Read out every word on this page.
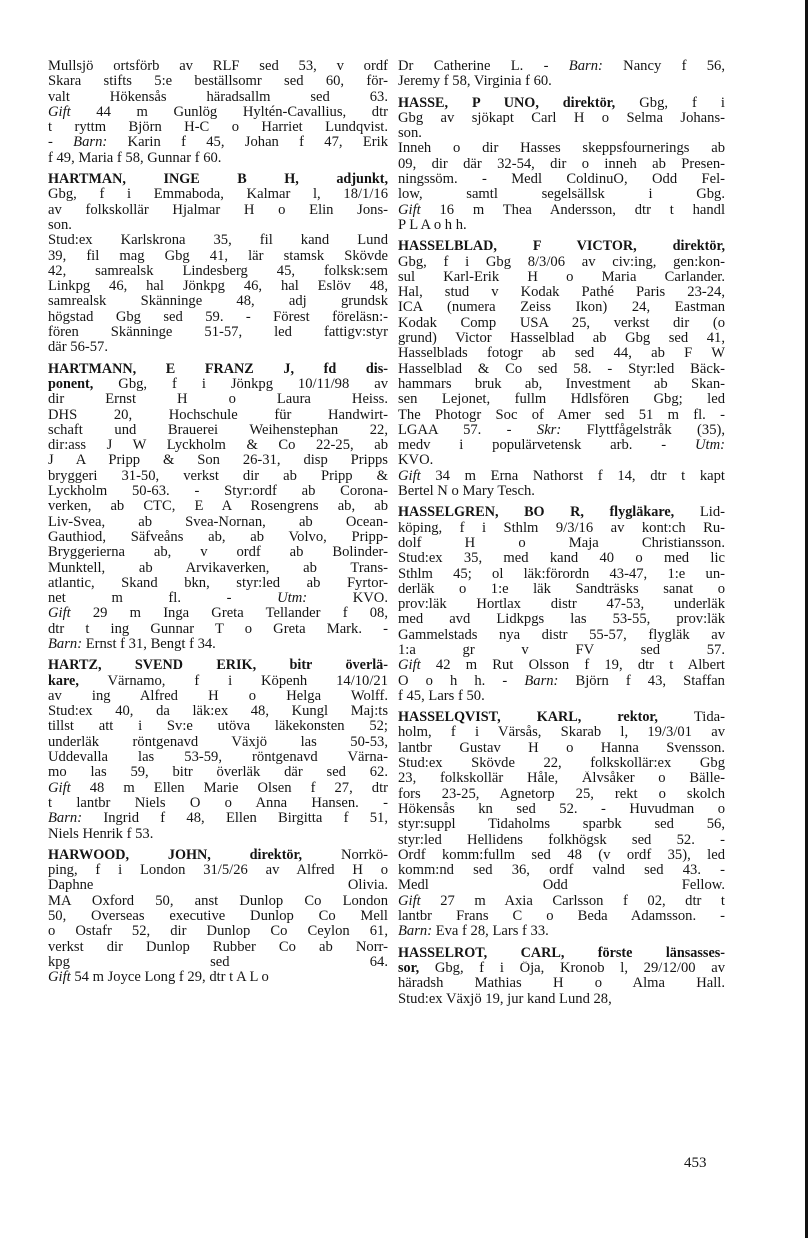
Mullsjö ortsförb av RLF sed 53, v ordf
Skara stifts 5:e beställsomr sed 60, för-
valt Hökensås häradsallm sed 63.
Gift 44 m Gunlög Hyltén-Cavallius, dtr
t ryttm Björn H-C o Harriet Lundqvist.
- Barn: Karin f 45, Johan f 47, Erik
f 49, Maria f 58, Gunnar f 60.
HARTMAN, INGE B H, adjunkt,
Gbg, f i Emmaboda, Kalmar l, 18/1/16
av folkskollär Hjalmar H o Elin Jons-
son.
Stud:ex Karlskrona 35, fil kand Lund
39, fil mag Gbg 41, lär stamsk Skövde
42, samrealsk Lindesberg 45, folksk:sem
Linkpg 46, hal Jönkpg 46, hal Eslöv 48,
samrealsk Skänninge 48, adj grundsk
högstad Gbg sed 59. - Förest föreläsn:-
fören Skänninge 51-57, led fattigv:styr
där 56-57.
HARTMANN, E FRANZ J, fd dis-
ponent, Gbg, f i Jönkpg 10/11/98 av
dir Ernst H o Laura Heiss.
DHS 20, Hochschule für Handwirt-
schaft und Brauerei Weihenstephan 22,
dir:ass J W Lyckholm & Co 22-25, ab
J A Pripp & Son 26-31, disp Pripps
bryggeri 31-50, verkst dir ab Pripp &
Lyckholm 50-63. - Styr:ordf ab Corona-
verken, ab CTC, E A Rosengrens ab, ab
Liv-Svea, ab Svea-Nornan, ab Ocean-
Gauthiod, Säfveåns ab, ab Volvo, Pripp-
Bryggerierna ab, v ordf ab Bolinder-
Munktell, ab Arvikaverken, ab Trans-
atlantic, Skand bkn, styr:led ab Fyrtor-
net m fl. - Utm: KVO.
Gift 29 m Inga Greta Tellander f 08,
dtr t ing Gunnar T o Greta Mark. -
Barn: Ernst f 31, Bengt f 34.
HARTZ, SVEND ERIK, bitr överlä-
kare, Värnamo, f i Köpenh 14/10/21
av ing Alfred H o Helga Wolff.
Stud:ex 40, da läk:ex 48, Kungl Maj:ts
tillst att i Sv:e utöva läkekonsten 52;
underläk röntgenavd Växjö las 50-53,
Uddevalla las 53-59, röntgenavd Värna-
mo las 59, bitr överläk där sed 62.
Gift 48 m Ellen Marie Olsen f 27, dtr
t lantbr Niels O o Anna Hansen. -
Barn: Ingrid f 48, Ellen Birgitta f 51,
Niels Henrik f 53.
HARWOOD, JOHN, direktör, Norrkö-
ping, f i London 31/5/26 av Alfred H o
Daphne Olivia.
MA Oxford 50, anst Dunlop Co London
50, Overseas executive Dunlop Co Mell
o Ostafr 52, dir Dunlop Co Ceylon 61,
verkst dir Dunlop Rubber Co ab Norr-
kpg sed 64.
Gift 54 m Joyce Long f 29, dtr t A L o
Dr Catherine L. - Barn: Nancy f 56,
Jeremy f 58, Virginia f 60.
HASSE, P UNO, direktör, Gbg, f i
Gbg av sjökapt Carl H o Selma Johans-
son.
Inneh o dir Hasses skeppsfournerings ab
09, dir där 32-54, dir o inneh ab Presen-
ningssöm. - Medl ColdinuO, Odd Fel-
low, samtl segelsällsk i Gbg.
Gift 16 m Thea Andersson, dtr t handl
P L A o h h.
HASSELBLAD, F VICTOR, direktör,
Gbg, f i Gbg 8/3/06 av civ:ing, gen:kon-
sul Karl-Erik H o Maria Carlander.
Hal, stud v Kodak Pathé Paris 23-24,
ICA (numera Zeiss Ikon) 24, Eastman
Kodak Comp USA 25, verkst dir (o
grund) Victor Hasselblad ab Gbg sed 41,
Hasselblads fotogr ab sed 44, ab F W
Hasselblad & Co sed 58. - Styr:led Bäck-
hammars bruk ab, Investment ab Skan-
sen Lejonet, fullm Hdlsfören Gbg; led
The Photogr Soc of Amer sed 51 m fl. -
LGAA 57. - Skr: Flyttfågelstråk (35),
medv i populärvetensk arb. - Utm:
KVO.
Gift 34 m Erna Nathorst f 14, dtr t kapt
Bertel N o Mary Tesch.
HASSELGREN, BO R, flygläkare, Lid-
köping, f i Sthlm 9/3/16 av kont:ch Ru-
dolf H o Maja Christiansson.
Stud:ex 35, med kand 40 o med lic
Sthlm 45; ol läk:förordn 43-47, 1:e un-
derläk o 1:e läk Sandträsks sanat o
prov:läk Hortlax distr 47-53, underläk
med avd Lidkpgs las 53-55, prov:läk
Gammelstads nya distr 55-57, flygläk av
1:a gr v FV sed 57.
Gift 42 m Rut Olsson f 19, dtr t Albert
O o h h. - Barn: Björn f 43, Staffan
f 45, Lars f 50.
HASSELQVIST, KARL, rektor, Tida-
holm, f i Värsås, Skarab l, 19/3/01 av
lantbr Gustav H o Hanna Svensson.
Stud:ex Skövde 22, folkskollär:ex Gbg
23, folkskollär Håle, Älvsåker o Bälle-
fors 23-25, Agnetorp 25, rekt o skolch
Hökensås kn sed 52. - Huvudman o
styr:suppl Tidaholms sparbk sed 56,
styr:led Hellidens folkhögsk sed 52. -
Ordf komm:fullm sed 48 (v ordf 35), led
komm:nd sed 36, ordf valnd sed 43. -
Medl Odd Fellow.
Gift 27 m Axia Carlsson f 02, dtr t
lantbr Frans C o Beda Adamsson. -
Barn: Eva f 28, Lars f 33.
HASSELROT, CARL, förste länsasses-
sor, Gbg, f i Öja, Kronob l, 29/12/00 av
häradsh Mathias H o Alma Hall.
Stud:ex Växjö 19, jur kand Lund 28,
453
